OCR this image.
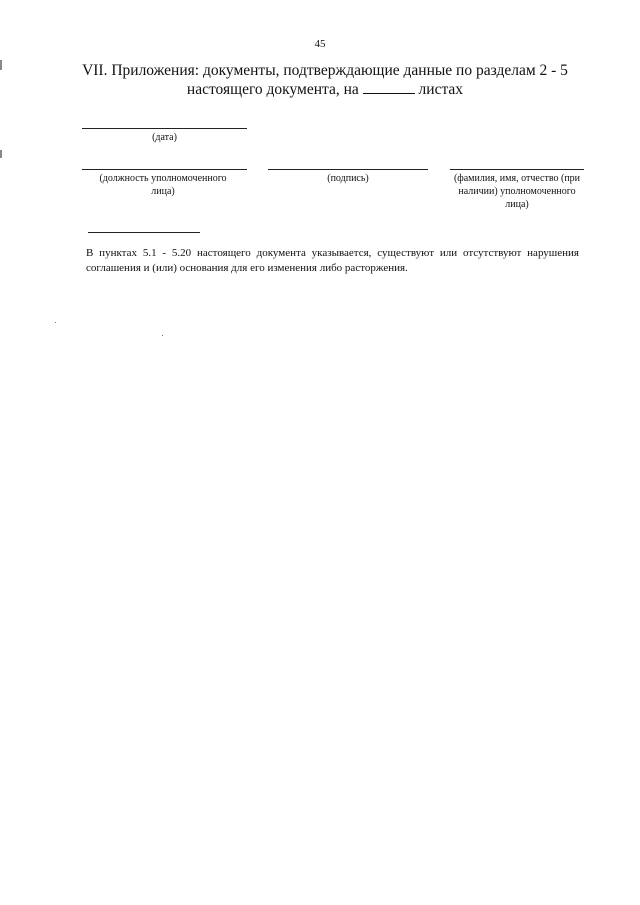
45
VII. Приложения: документы, подтверждающие данные по разделам 2 - 5 настоящего документа, на	листах
(дата)
(должность уполномоченного лица)
(подпись)	(фамилия, имя, отчество (при наличии) уполномоченного лица)
В пунктах 5.1 - 5.20 настоящего документа указывается, существуют или отсутствуют нарушения соглашения и (или) основания для его изменения либо расторжения.
